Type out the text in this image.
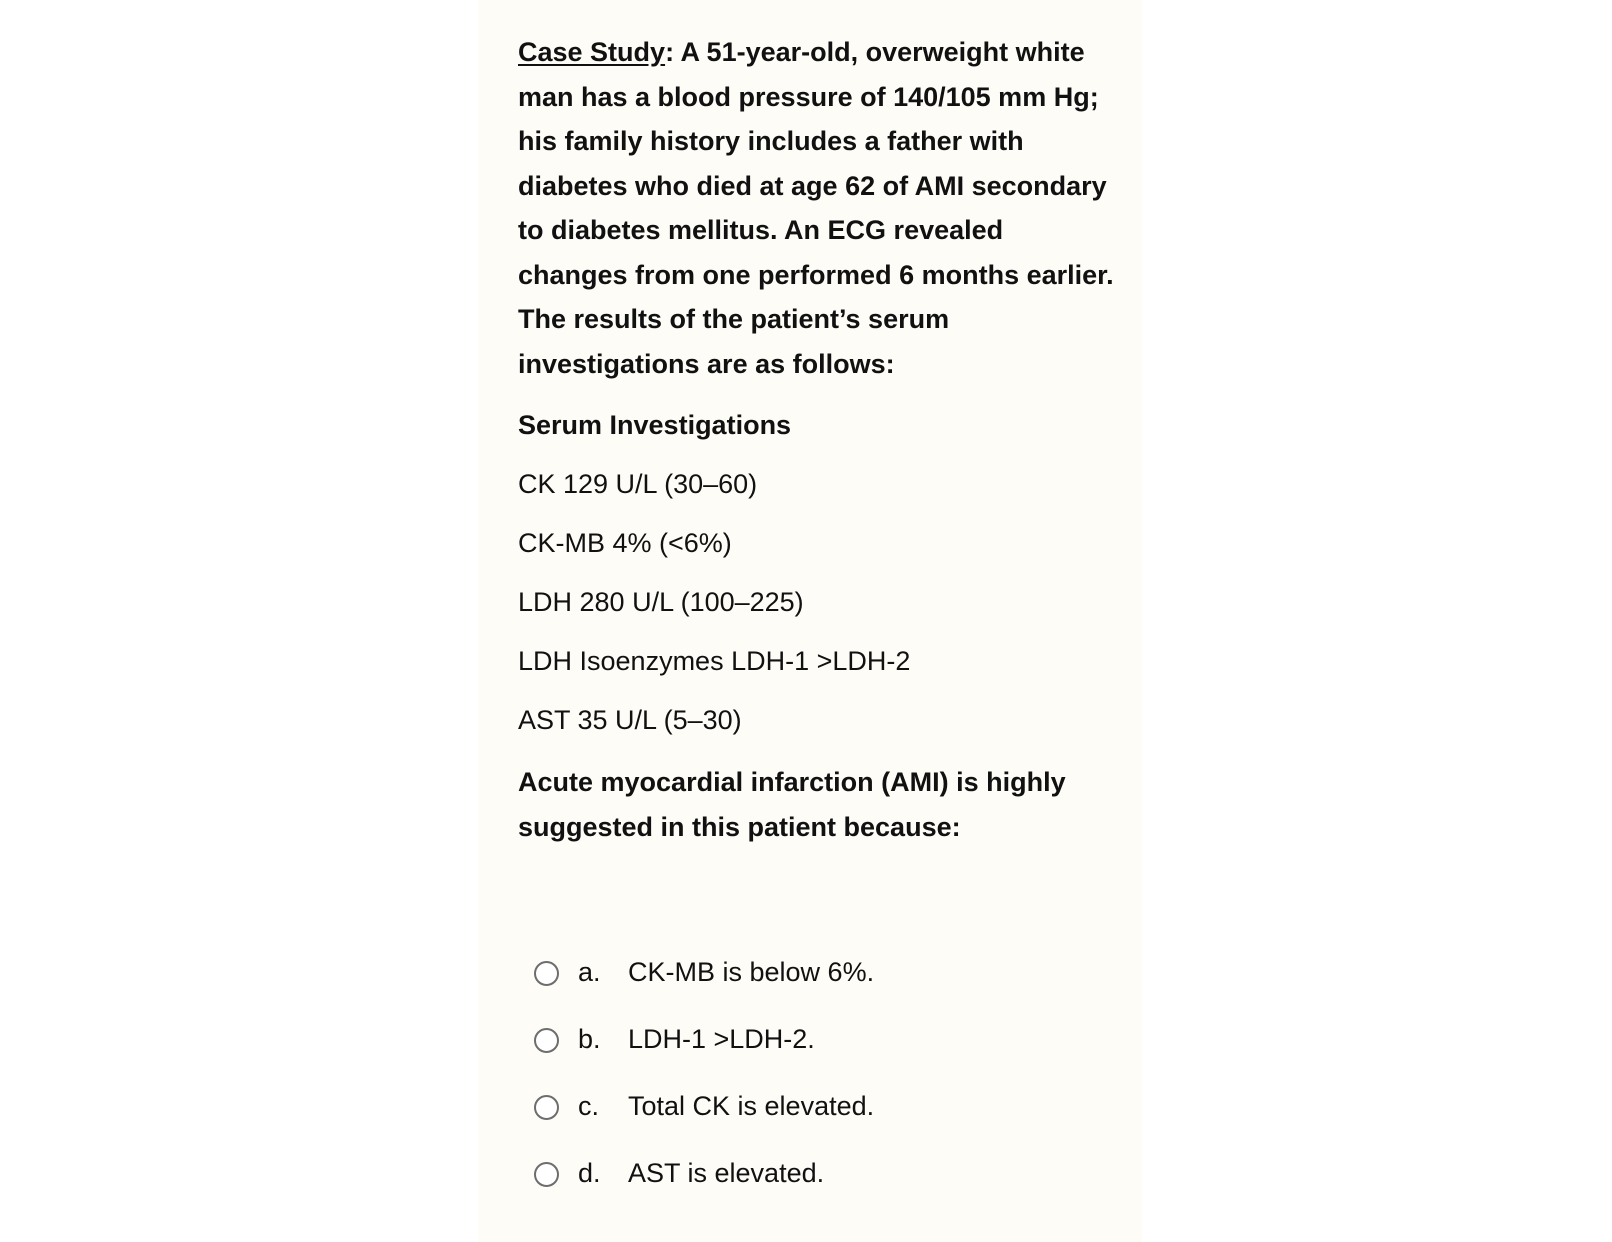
Case Study: A 51-year-old, overweight white man has a blood pressure of 140/105 mm Hg; his family history includes a father with diabetes who died at age 62 of AMI secondary to diabetes mellitus. An ECG revealed changes from one performed 6 months earlier. The results of the patient’s serum investigations are as follows:

Serum Investigations
CK 129 U/L (30–60)
CK-MB 4% (<6%)
LDH 280 U/L (100–225)
LDH Isoenzymes LDH-1 >LDH-2
AST 35 U/L (5–30)
Acute myocardial infarction (AMI) is highly suggested in this patient because:
a. CK-MB is below 6%.
b. LDH-1 >LDH-2.
c. Total CK is elevated.
d. AST is elevated.
